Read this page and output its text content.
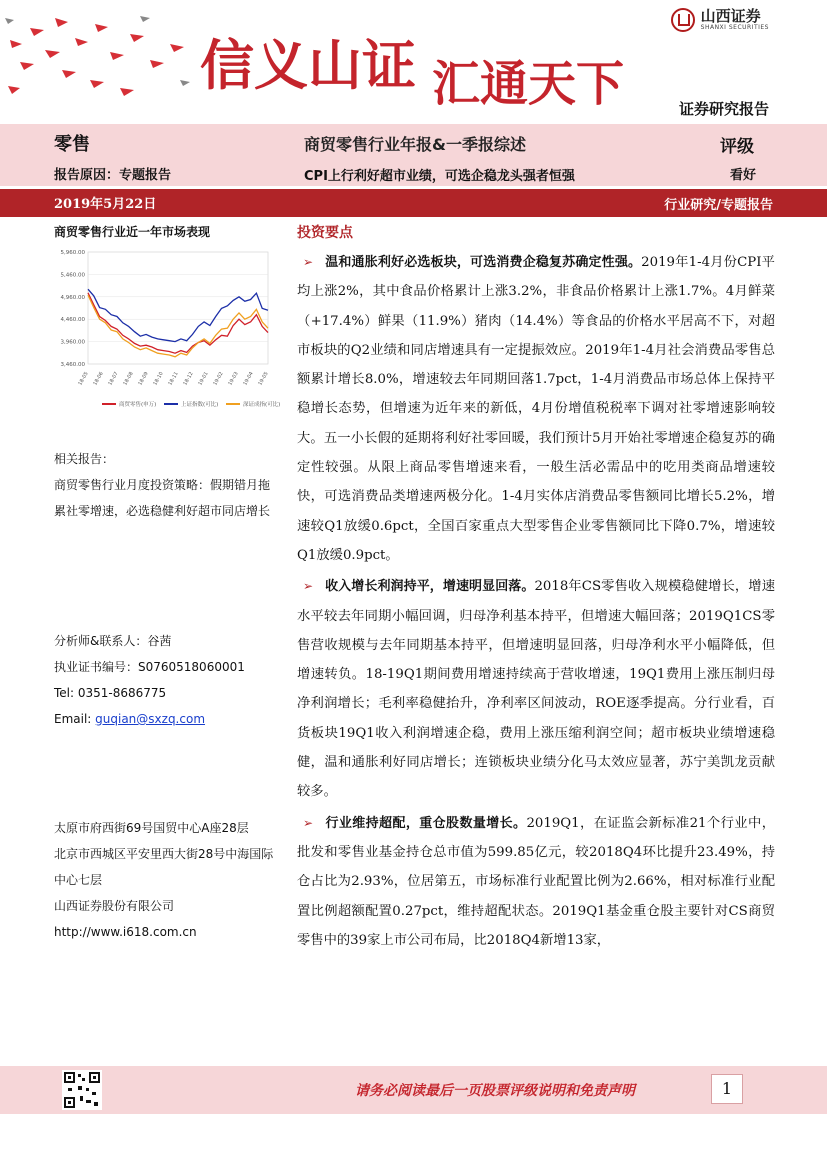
信义山证 汇通天下
山西证券
SHANXI SECURITIES
证券研究报告
零售	商贸零售行业年报&一季报综述	评级
报告原因：专题报告	CPI上行利好超市业绩，可选企稳龙头强者恒强	看好
2019年5月22日	行业研究/专题报告
商贸零售行业近一年市场表现
5,960.00
5,460.00
4,960.00
4,460.00
3,960.00
3,460.00
18-05 18-06 18-07 18-08 18-09 18-10 18-11 18-12 19-01 19-02 19-03 19-04 19-05
商贸零售(申万)	上证指数(可比)	深证成指(可比)
相关报告：
商贸零售行业月度投资策略：假期错月拖累社零增速，必选稳健利好超市同店增长
分析师&联系人：谷茜
执业证书编号：S0760518060001
Tel: 0351-8686775
Email: guqian@sxzq.com
太原市府西街69号国贸中心A座28层
北京市西城区平安里西大街28号中海国际中心七层
山西证券股份有限公司
http://www.i618.com.cn
投资要点

➢ 温和通胀利好必选板块，可选消费企稳复苏确定性强。2019年1-4月份CPI平均上涨2%，其中食品价格累计上涨3.2%，非食品价格累计上涨1.7%。4月鲜菜（+17.4%）鲜果（11.9%）猪肉（14.4%）等食品的价格水平居高不下，对超市板块的Q2业绩和同店增速具有一定提振效应。2019年1-4月社会消费品零售总额累计增长8.0%，增速较去年同期回落1.7pct，1-4月消费品市场总体上保持平稳增长态势，但增速为近年来的新低，4月份增值税税率下调对社零增速影响较大。五一小长假的延期将利好社零回暖，我们预计5月开始社零增速企稳复苏的确定性较强。从限上商品零售增速来看，一般生活必需品中的吃用类商品增速较快，可选消费品类增速两极分化。1-4月实体店消费品零售额同比增长5.2%，增速较Q1放缓0.6pct，全国百家重点大型零售企业零售额同比下降0.7%，增速较Q1放缓0.9pct。

➢ 收入增长利润持平，增速明显回落。2018年CS零售收入规模稳健增长，增速水平较去年同期小幅回调，归母净利基本持平，但增速大幅回落；2019Q1CS零售营收规模与去年同期基本持平，但增速明显回落，归母净利水平小幅降低，但增速转负。18-19Q1期间费用增速持续高于营收增速，19Q1费用上涨压制归母净利润增长；毛利率稳健抬升，净利率区间波动，ROE逐季提高。分行业看，百货板块19Q1收入利润增速企稳，费用上涨压缩利润空间；超市板块业绩增速稳健，温和通胀利好同店增长；连锁板块业绩分化马太效应显著，苏宁美凯龙贡献较多。

➢ 行业维持超配，重仓股数量增长。2019Q1，在证监会新标准21个行业中，批发和零售业基金持仓总市值为599.85亿元，较2018Q4环比提升23.49%，持仓占比为2.93%，位居第五，市场标准行业配置比例为2.66%，相对标准行业配置比例超额配置0.27pct，维持超配状态。2019Q1基金重仓股主要针对CS商贸零售中的39家上市公司布局，比2018Q4新增13家，

请务必阅读最后一页股票评级说明和免责声明	1
